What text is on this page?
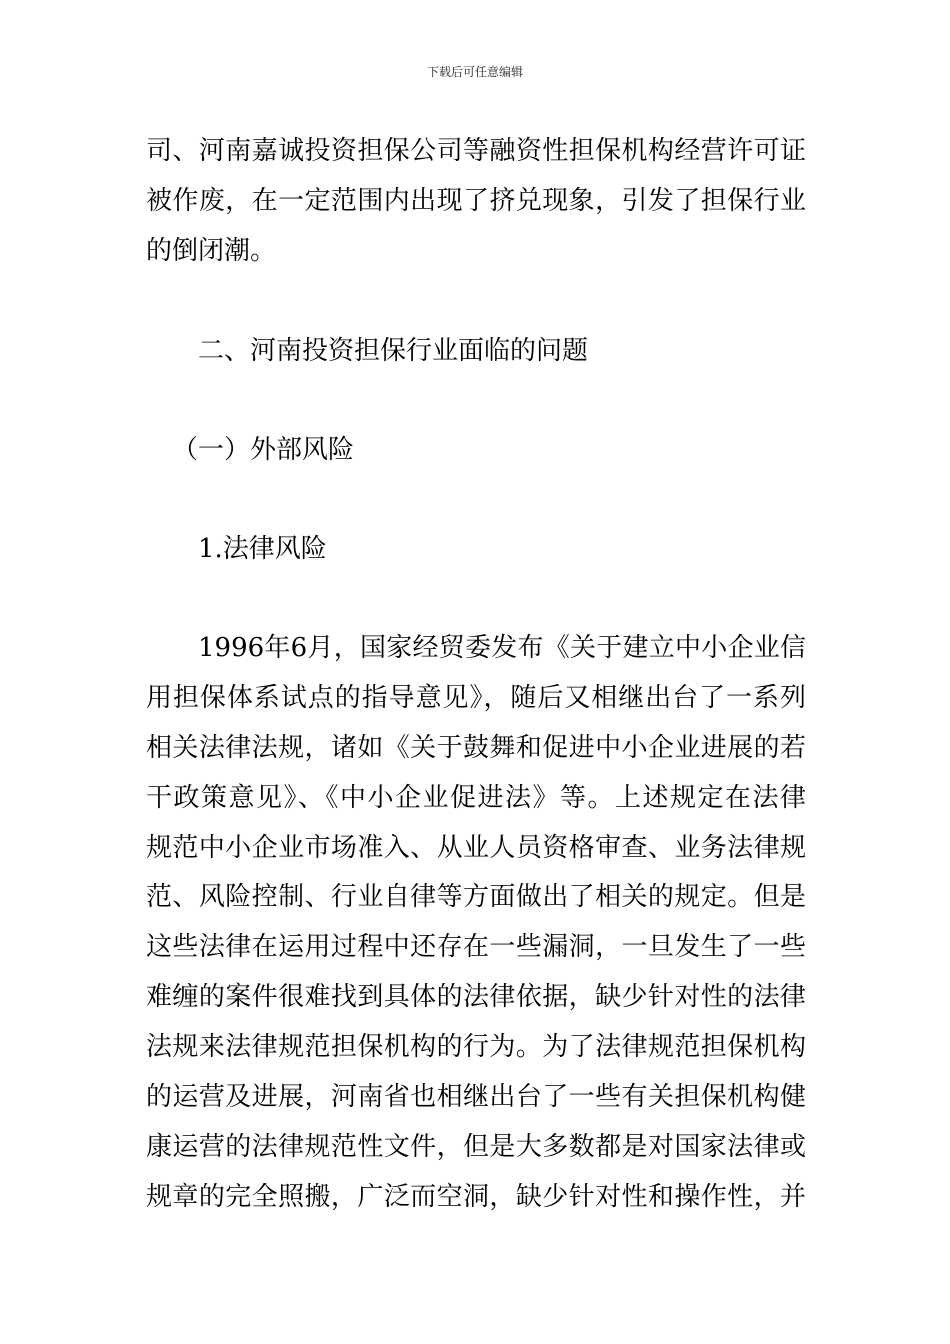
下载后可任意编辑
司、河南嘉诚投资担保公司等融资性担保机构经营许可证
被作废，在一定范围内出现了挤兑现象，引发了担保行业
的倒闭潮。
二、河南投资担保行业面临的问题
（一）外部风险
1.法律风险
1996年6月，国家经贸委发布《关于建立中小企业信
用担保体系试点的指导意见》，随后又相继出台了一系列
相关法律法规，诸如《关于鼓舞和促进中小企业进展的若
干政策意见》、《中小企业促进法》等。上述规定在法律
规范中小企业市场准入、从业人员资格审查、业务法律规
范、风险控制、行业自律等方面做出了相关的规定。但是
这些法律在运用过程中还存在一些漏洞，一旦发生了一些
难缠的案件很难找到具体的法律依据，缺少针对性的法律
法规来法律规范担保机构的行为。为了法律规范担保机构
的运营及进展，河南省也相继出台了一些有关担保机构健
康运营的法律规范性文件，但是大多数都是对国家法律或
规章的完全照搬，广泛而空洞，缺少针对性和操作性，并
